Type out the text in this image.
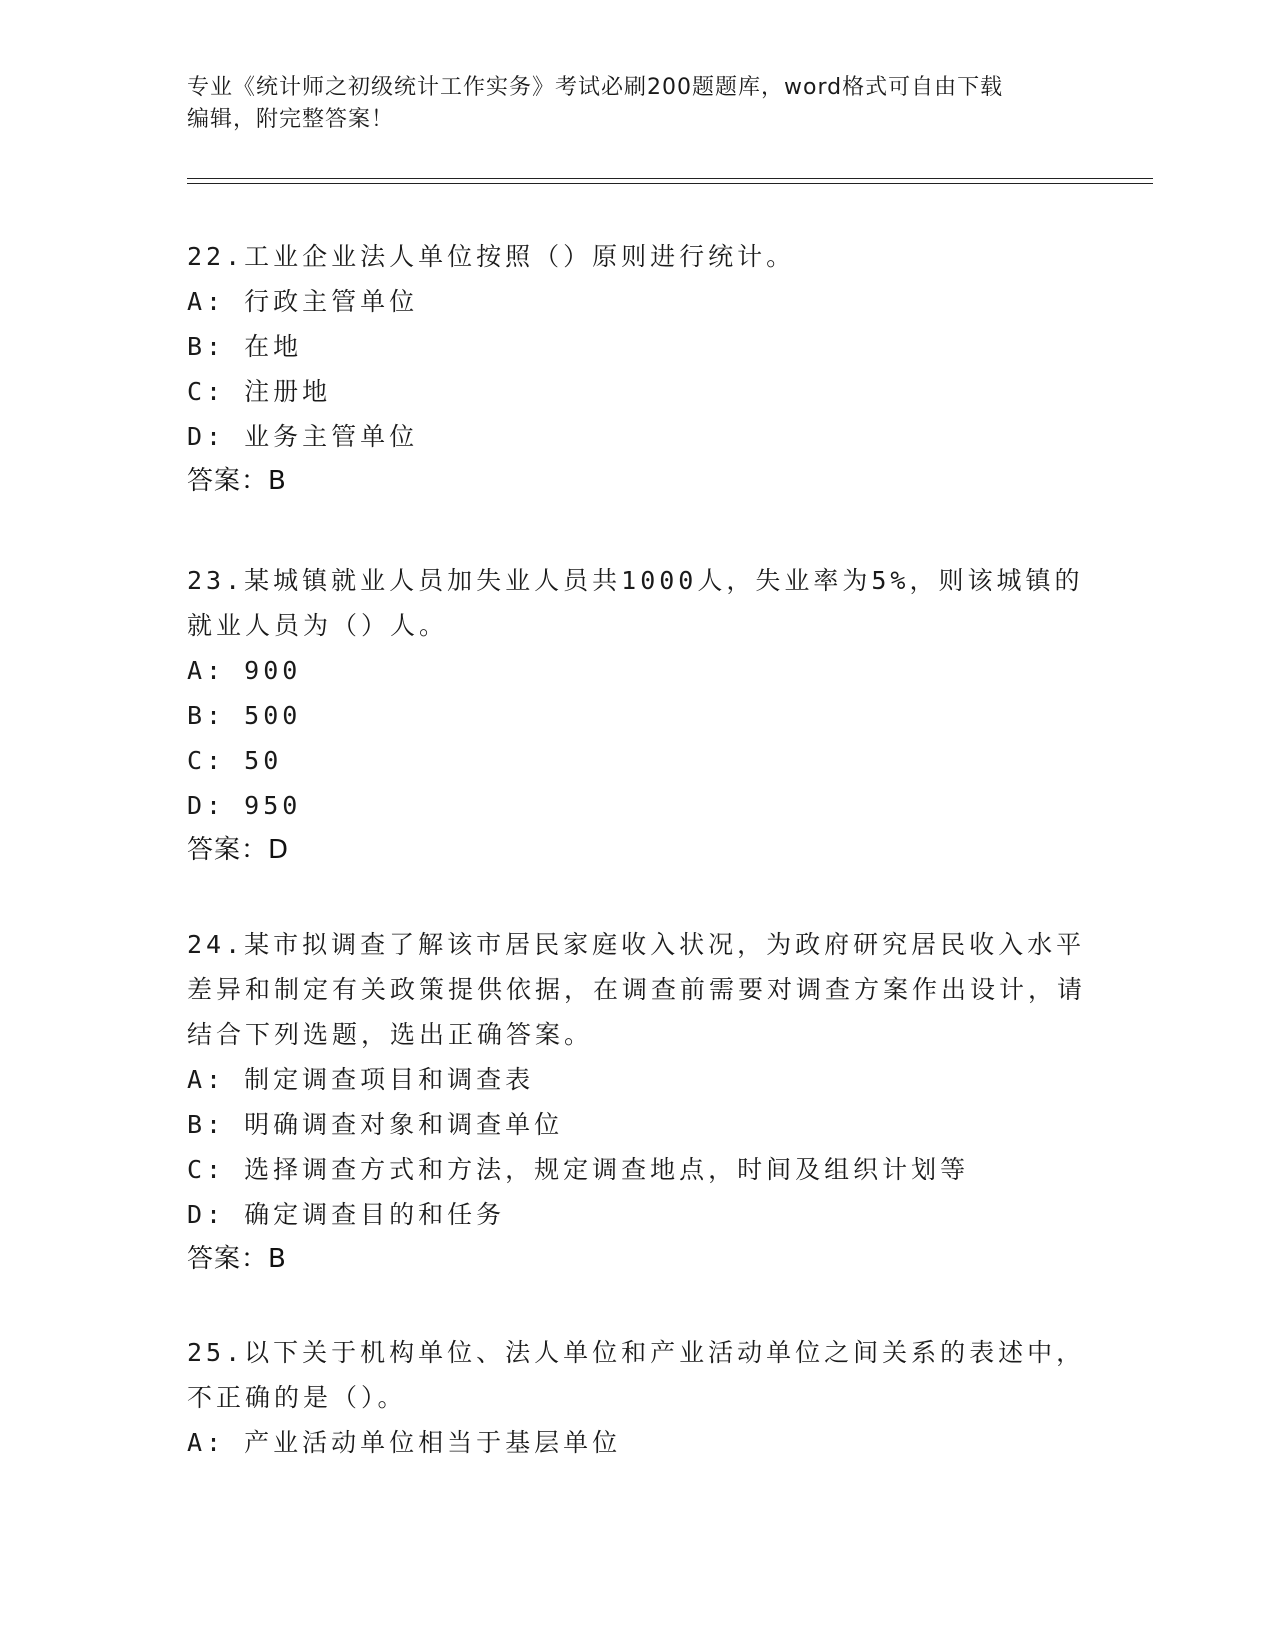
专业《统计师之初级统计工作实务》考试必刷200题题库，word格式可自由下载
编辑，附完整答案！
22.工业企业法人单位按照（）原则进行统计。
A: 行政主管单位
B: 在地
C: 注册地
D: 业务主管单位
答案：B
23.某城镇就业人员加失业人员共1000人，失业率为5%，则该城镇的就业人员为（）人。
A: 900
B: 500
C: 50
D: 950
答案：D
24.某市拟调查了解该市居民家庭收入状况，为政府研究居民收入水平差异和制定有关政策提供依据，在调查前需要对调查方案作出设计，请结合下列选题，选出正确答案。
A: 制定调查项目和调查表
B: 明确调查对象和调查单位
C: 选择调查方式和方法，规定调查地点，时间及组织计划等
D: 确定调查目的和任务
答案：B
25.以下关于机构单位、法人单位和产业活动单位之间关系的表述中，不正确的是（）。
A: 产业活动单位相当于基层单位
